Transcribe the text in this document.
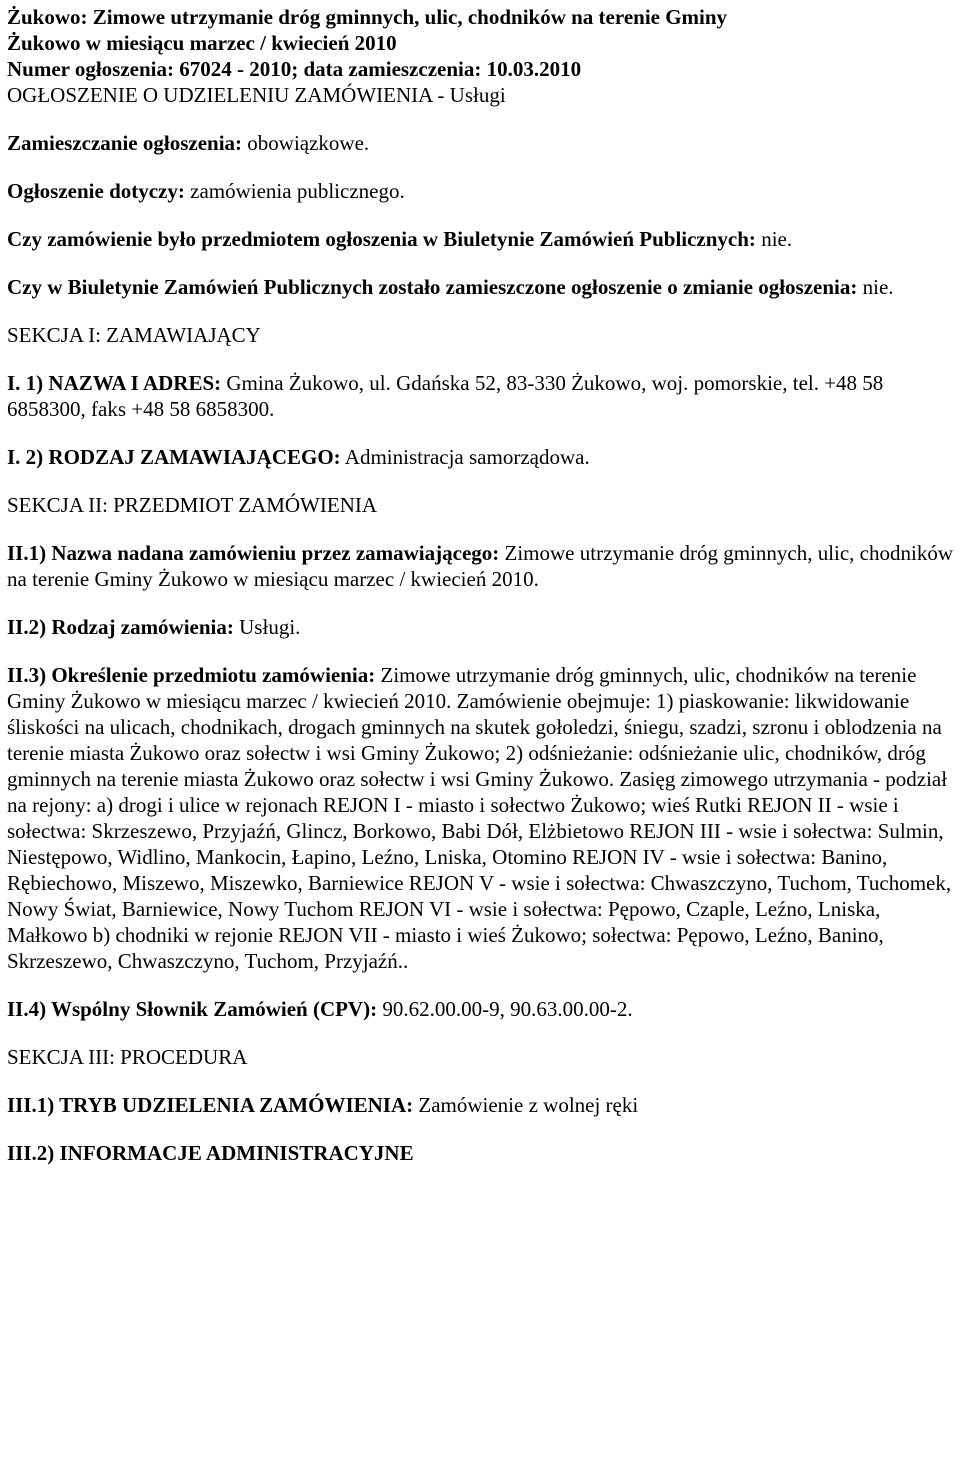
Żukowo: Zimowe utrzymanie dróg gminnych, ulic, chodników na terenie Gminy

Żukowo w miesiącu marzec / kwiecień 2010

Numer ogłoszenia: 67024 - 2010; data zamieszczenia: 10.03.2010

OGŁOSZENIE O UDZIELENIU ZAMÓWIENIA - Usługi

Zamieszczanie ogłoszenia: obowiązkowe.

Ogłoszenie dotyczy: zamówienia publicznego.

Czy zamówienie było przedmiotem ogłoszenia w Biuletynie Zamówień Publicznych: nie.

Czy w Biuletynie Zamówień Publicznych zostało zamieszczone ogłoszenie o zmianie ogłoszenia: nie.

SEKCJA I: ZAMAWIAJĄCY

I. 1) NAZWA I ADRES: Gmina Żukowo, ul. Gdańska 52, 83-330 Żukowo, woj. pomorskie, tel. +48 58 6858300, faks +48 58 6858300.

I. 2) RODZAJ ZAMAWIAJĄCEGO: Administracja samorządowa.

SEKCJA II: PRZEDMIOT ZAMÓWIENIA

II.1) Nazwa nadana zamówieniu przez zamawiającego: Zimowe utrzymanie dróg gminnych, ulic, chodników na terenie Gminy Żukowo w miesiącu marzec / kwiecień 2010.

II.2) Rodzaj zamówienia: Usługi.

II.3) Określenie przedmiotu zamówienia: Zimowe utrzymanie dróg gminnych, ulic, chodników na terenie Gminy Żukowo w miesiącu marzec / kwiecień 2010. Zamówienie obejmuje: 1) piaskowanie: likwidowanie śliskości na ulicach, chodnikach, drogach gminnych na skutek gołoledzi, śniegu, szadzi, szronu i oblodzenia na terenie miasta Żukowo oraz sołectw i wsi Gminy Żukowo; 2) odśnieżanie: odśnieżanie ulic, chodników, dróg gminnych na terenie miasta Żukowo oraz sołectw i wsi Gminy Żukowo. Zasięg zimowego utrzymania - podział na rejony: a) drogi i ulice w rejonach REJON I - miasto i sołectwo Żukowo; wieś Rutki REJON II - wsie i sołectwa: Skrzeszewo, Przyjaźń, Glincz, Borkowo, Babi Dół, Elżbietowo REJON III - wsie i sołectwa: Sulmin, Niestępowo, Widlino, Mankocin, Łapino, Leźno, Lniska, Otomino REJON IV - wsie i sołectwa: Banino, Rębiechowo, Miszewo, Miszewko, Barniewice REJON V - wsie i sołectwa: Chwaszczyno, Tuchom, Tuchomek, Nowy Świat, Barniewice, Nowy Tuchom REJON VI - wsie i sołectwa: Pępowo, Czaple, Leźno, Lniska, Małkowo b) chodniki w rejonie REJON VII - miasto i wieś Żukowo; sołectwa: Pępowo, Leźno, Banino, Skrzeszewo, Chwaszczyno, Tuchom, Przyjaźń..

II.4) Wspólny Słownik Zamówień (CPV): 90.62.00.00-9, 90.63.00.00-2.

SEKCJA III: PROCEDURA

III.1) TRYB UDZIELENIA ZAMÓWIENIA: Zamówienie z wolnej ręki

III.2) INFORMACJE ADMINISTRACYJNE
